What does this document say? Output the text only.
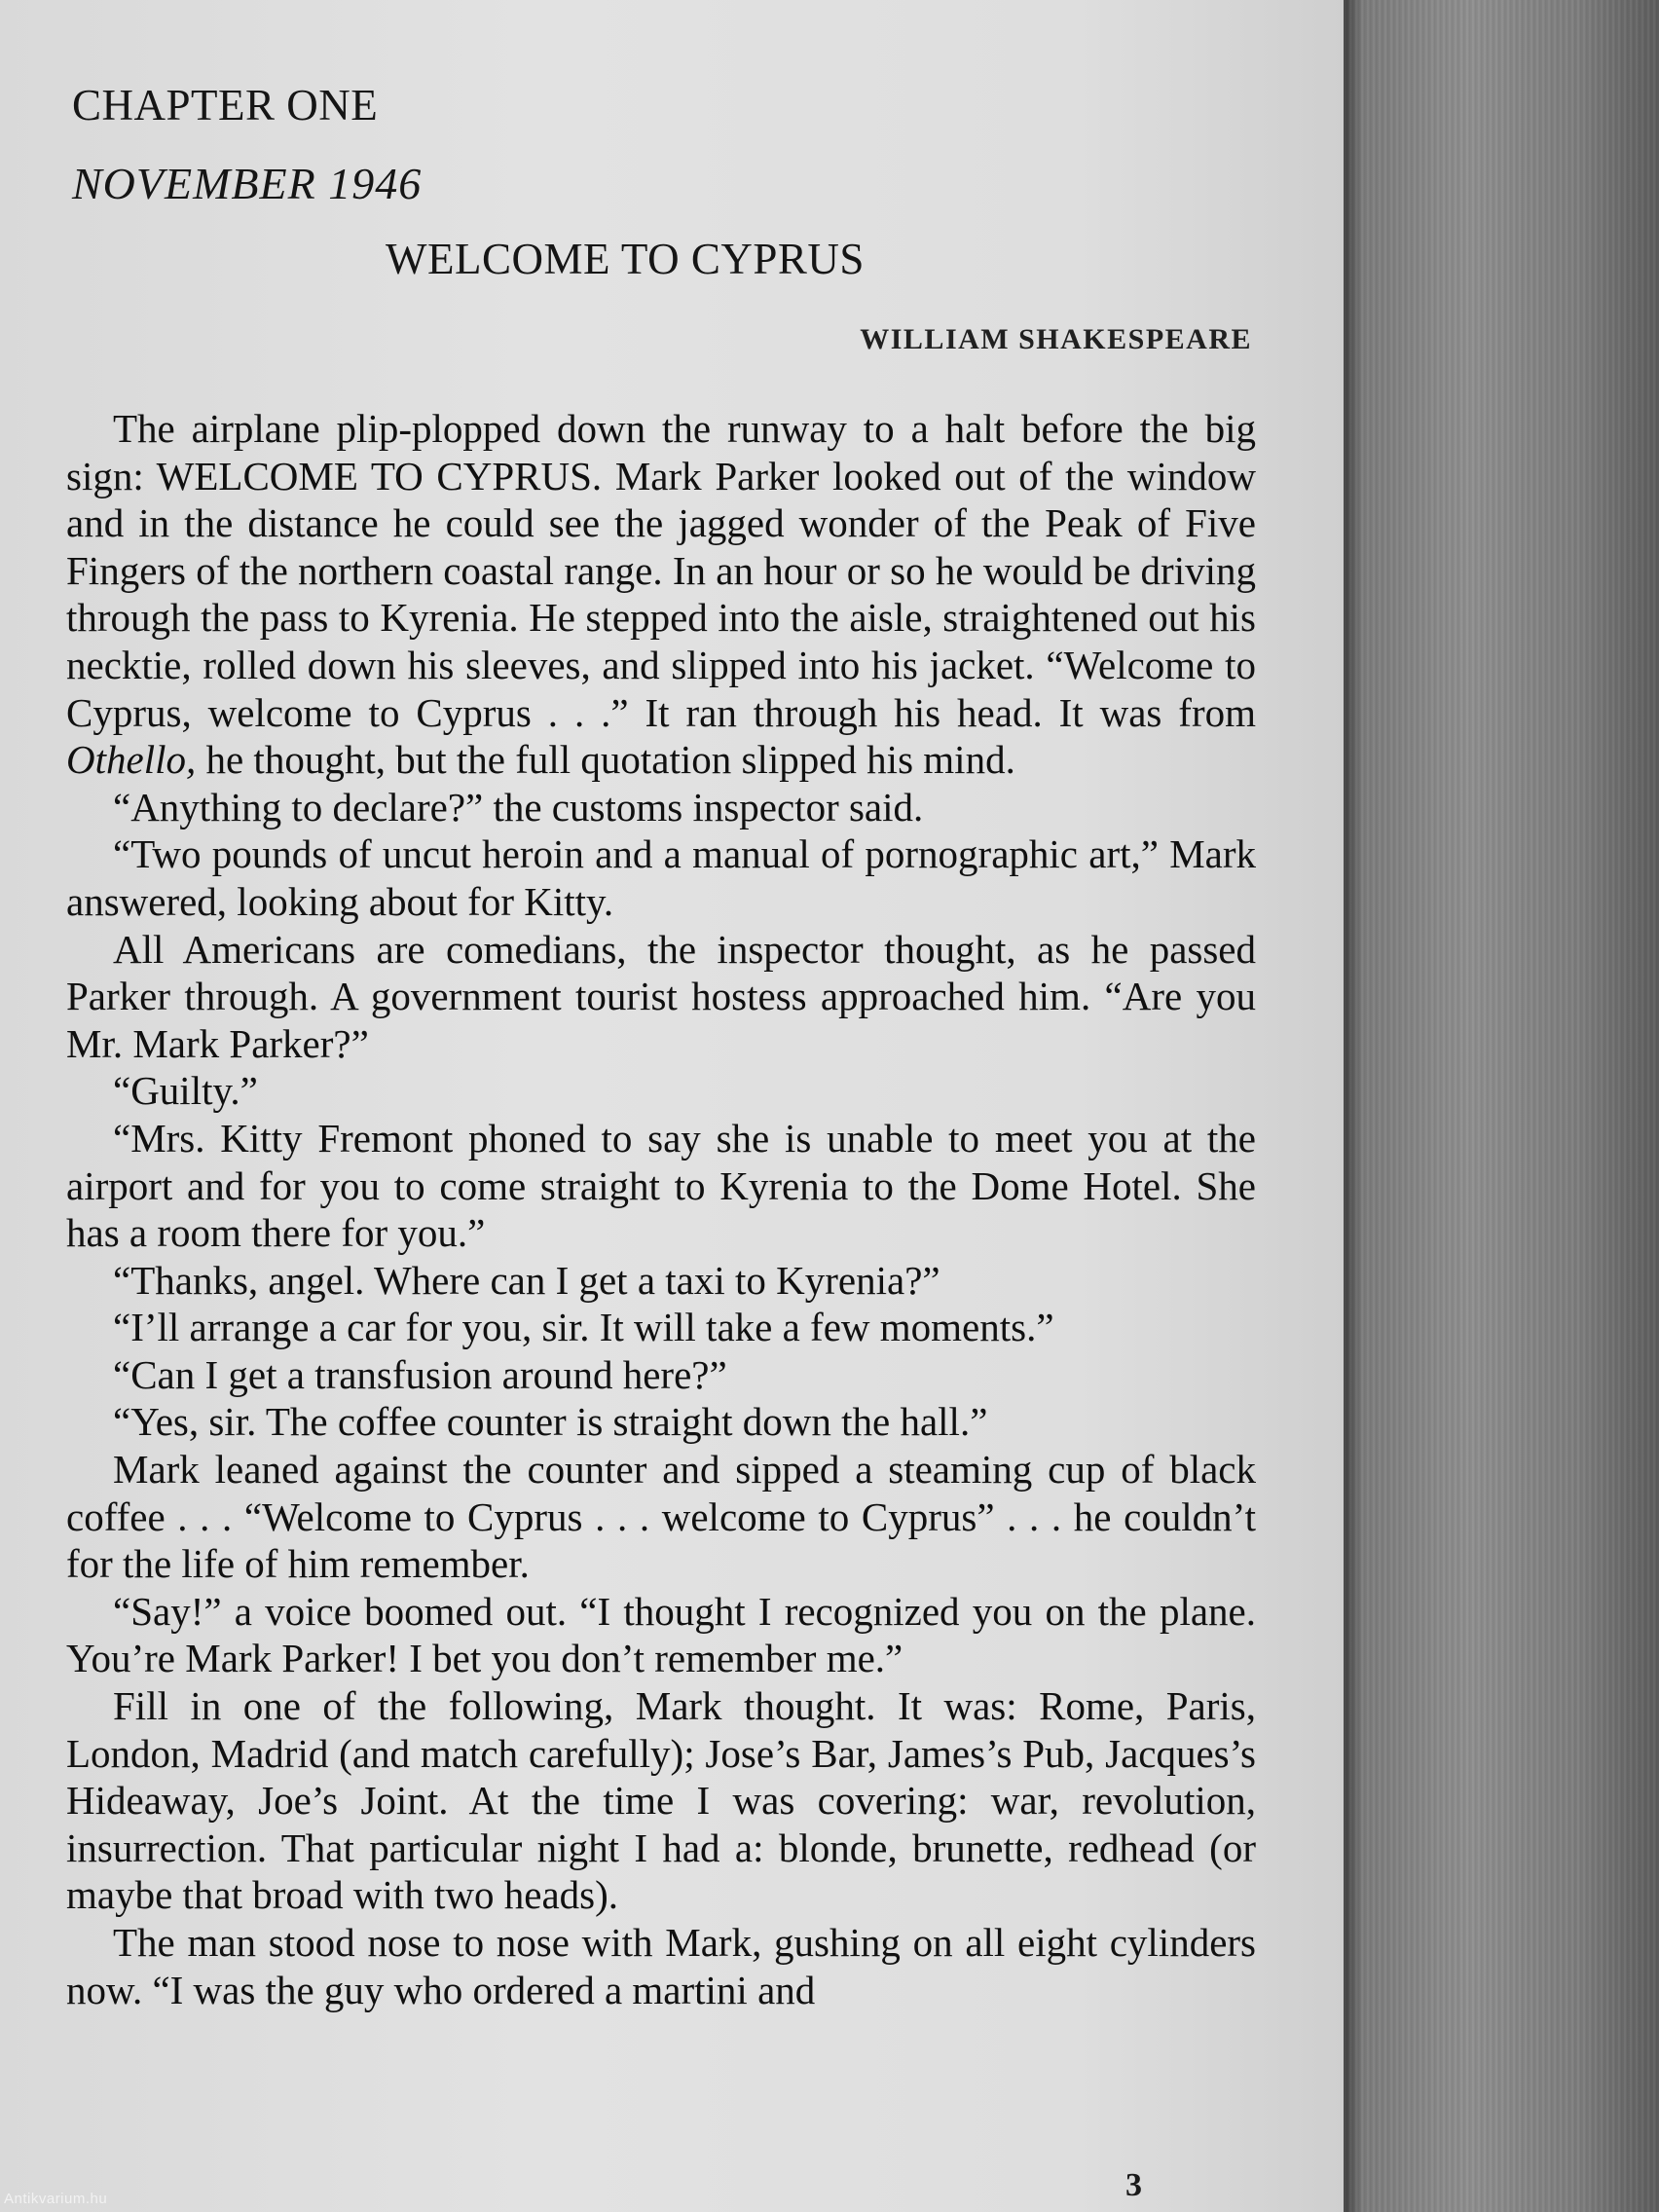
CHAPTER ONE
NOVEMBER 1946
WELCOME TO CYPRUS
WILLIAM SHAKESPEARE

The airplane plip-plopped down the runway to a halt before the big sign: WELCOME TO CYPRUS. Mark Parker looked out of the window and in the distance he could see the jagged wonder of the Peak of Five Fingers of the northern coastal range. In an hour or so he would be driving through the pass to Kyrenia. He stepped into the aisle, straightened out his necktie, rolled down his sleeves, and slipped into his jacket. “Welcome to Cyprus, welcome to Cyprus . . .” It ran through his head. It was from Othello, he thought, but the full quotation slipped his mind.

“Anything to declare?” the customs inspector said.

“Two pounds of uncut heroin and a manual of pornographic art,” Mark answered, looking about for Kitty.

All Americans are comedians, the inspector thought, as he passed Parker through. A government tourist hostess approached him. “Are you Mr. Mark Parker?”

“Guilty.”

“Mrs. Kitty Fremont phoned to say she is unable to meet you at the airport and for you to come straight to Kyrenia to the Dome Hotel. She has a room there for you.”

“Thanks, angel. Where can I get a taxi to Kyrenia?”

“I’ll arrange a car for you, sir. It will take a few moments.”

“Can I get a transfusion around here?”

“Yes, sir. The coffee counter is straight down the hall.”

Mark leaned against the counter and sipped a steaming cup of black coffee . . . “Welcome to Cyprus . . . welcome to Cyprus” . . . he couldn’t for the life of him remember.

“Say!” a voice boomed out. “I thought I recognized you on the plane. You’re Mark Parker! I bet you don’t remember me.”

Fill in one of the following, Mark thought. It was: Rome, Paris, London, Madrid (and match carefully); Jose’s Bar, James’s Pub, Jacques’s Hideaway, Joe’s Joint. At the time I was covering: war, revolution, insurrection. That particular night I had a: blonde, brunette, redhead (or maybe that broad with two heads).

The man stood nose to nose with Mark, gushing on all eight cylinders now. “I was the guy who ordered a martini and

3
Antikvarium.hu
